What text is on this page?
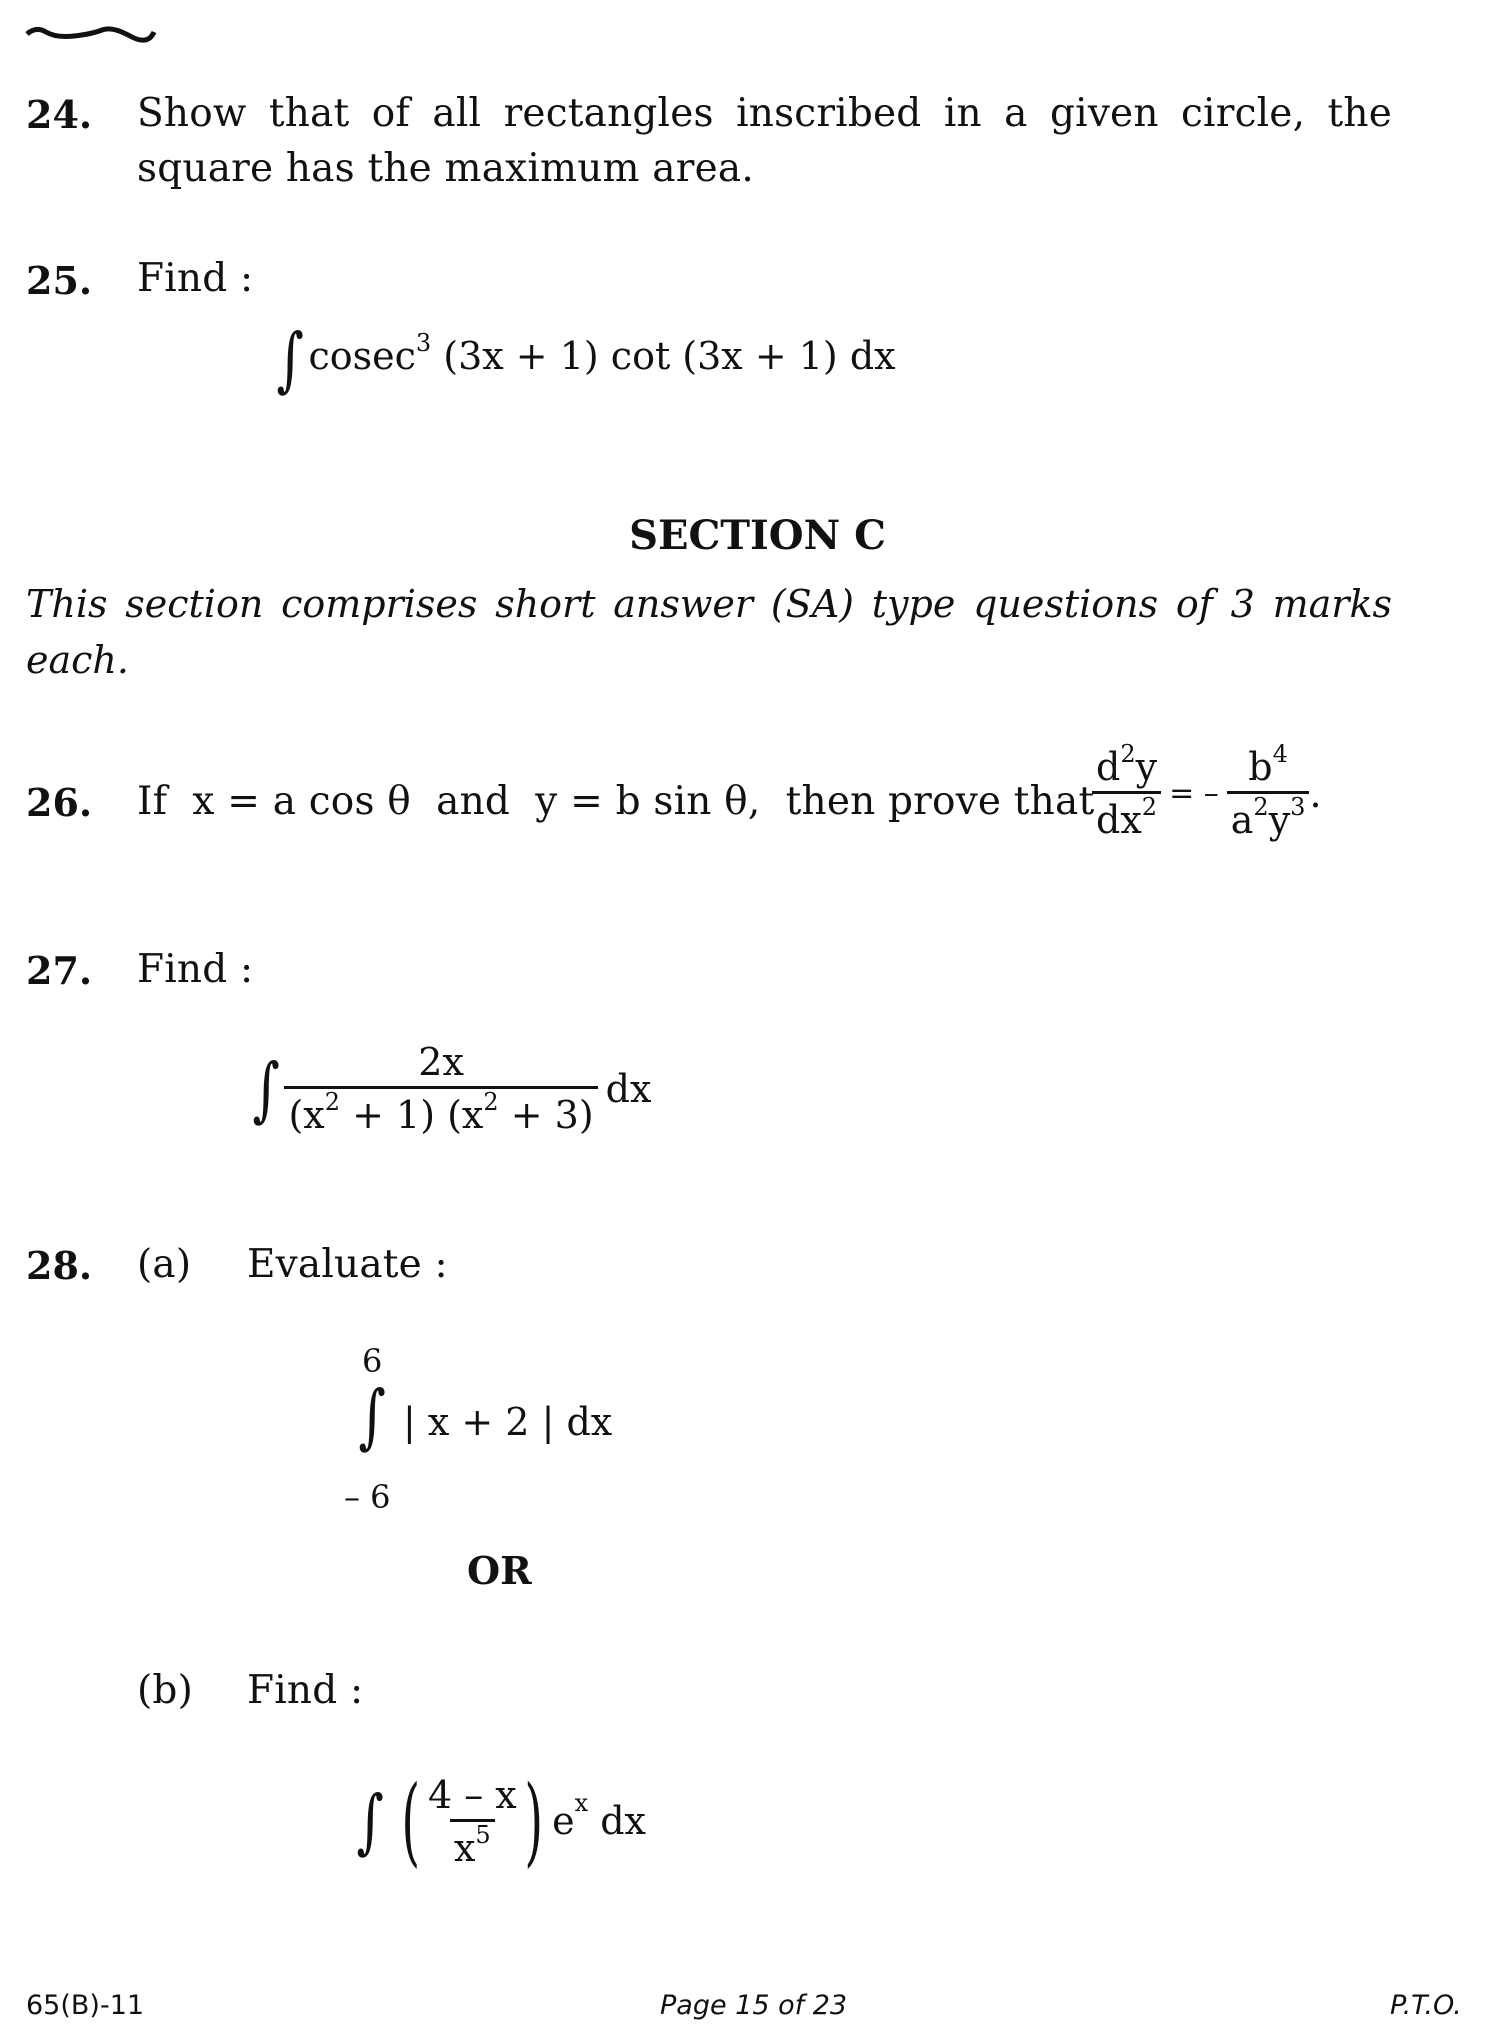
24. Show that of all rectangles inscribed in a given circle, the
square has the maximum area.
25. Find :
∫ cosec$^3$ (3x + 1) cot (3x + 1) dx
SECTION C
This section comprises short answer (SA) type questions of 3 marks
each.
26. If  x = a cos θ  and  y = b sin θ,  then prove that
$\frac{d^2y}{dx^2}$ = – $\frac{b^4}{a^2y^3}$ .
27. Find :
∫ $\frac{2x}{(x^2 + 1) (x^2 + 3)}$ dx
28. (a) Evaluate :
6
∫ | x + 2 | dx
– 6
OR
(b) Find :
∫ ( $\frac{4 - x}{x^5}$ ) e x dx
65(B)-11	Page 15 of 23	P.T.O.
